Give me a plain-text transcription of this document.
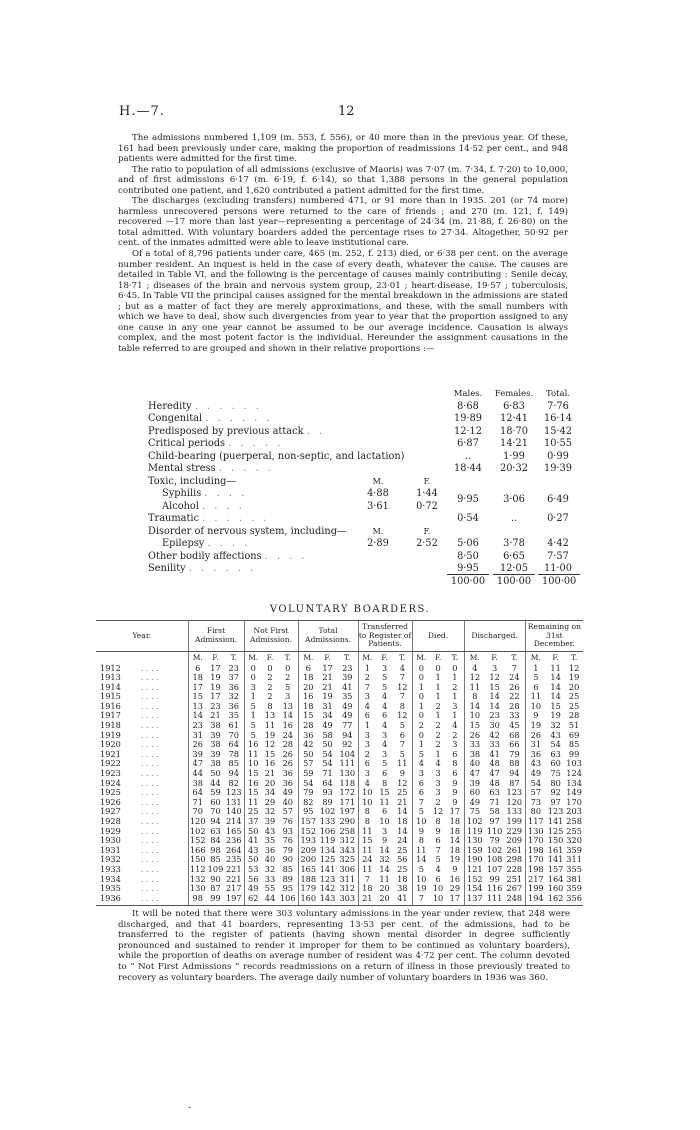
H.—7.	12

The admissions numbered 1,109 (m. 553, f. 556), or 40 more than in the previous year. Of these, 161 had been previously under care, making the proportion of readmissions 14·52 per cent., and 948 patients were admitted for the first time.

The ratio to population of all admissions (exclusive of Maoris) was 7·07 (m. 7·34, f. 7·20) to 10,000, and of first admissions 6·17 (m. 6·19, f. 6·14), so that 1,388 persons in the general population contributed one patient, and 1,620 contributed a patient admitted for the first time.

The discharges (excluding transfers) numbered 471, or 91 more than in 1935. 201 (or 74 more) harmless unrecovered persons were returned to the care of friends ; and 270 (m. 121, f. 149) recovered —17 more than last year—representing a percentage of 24·34 (m. 21·88, f. 26·80) on the total admitted. With voluntary boarders added the percentage rises to 27·34. Altogether, 50·92 per cent. of the inmates admitted were able to leave institutional care.

Of a total of 8,796 patients under care, 465 (m. 252, f. 213) died, or 6·38 per cent. on the average number resident. An inquest is held in the case of every death, whatever the cause. The causes are detailed in Table VI, and the following is the percentage of causes mainly contributing : Senile decay, 18·71 ; diseases of the brain and nervous system group, 23·01 ; heart-disease, 19·57 ; tuberculosis, 6·45. In Table VII the principal causes assigned for the mental breakdown in the admissions are stated ; but as a matter of fact they are merely approximations, and these, with the small numbers with which we have to deal, show such divergencies from year to year that the proportion assigned to any one cause in any one year cannot be assumed to be our average incidence. Causation is always complex, and the most potent factor is the individual. Hereunder the assignment causations in the table referred to are grouped and shown in their relative proportions :—

			Males.	Females.	Total.
Heredity . . . . . .			8·68	6·83	7·76
Congenital . . . . . .			19·89	12·41	16·14
Predisposed by previous attack . .			12·12	18·70	15·42
Critical periods . . . . .			6·87	14·21	10·55
Child-bearing (puerperal, non-septic, and lactation)			..	1·99	0·99
Mental stress . . . . .			18·44	20·32	19·39
Toxic, including—	M.	F.			
Syphilis . . . .	4·88	1·44	9·95	3·06	6·49
Alcohol . . . .	3·61	0·72			
Traumatic . . . . . .			0·54	..	0·27
Disorder of nervous system, including—	M.	F.			
Epilepsy . . . .	2·89	2·52	5·06	3·78	4·42
Other bodily affections . . . .			8·50	6·65	7·57
Senility . . . . . .			9·95	12·05	11·00
			100·00	100·00	100·00
VOLUNTARY BOARDERS.
Year.	First Admission.			Not First Admission.			Total Admissions.			Transferred to Register of Patients.			Died.			Discharged.			Remaining on 31st December.		
	M.	F.	T.	M.	F.	T.	M.	F.	T.	M.	F.	T.	M.	F.	T.	M.	F.	T.	M.	F.	T.
1912 . . . .	6	17	23	0	0	0	6	17	23	1	3	4	0	0	0	4	3	7	1	11	12
1913 . . . .	18	19	37	0	2	2	18	21	39	2	5	7	0	1	1	12	12	24	5	14	19
1914 . . . .	17	19	36	3	2	5	20	21	41	7	5	12	1	1	2	11	15	26	6	14	20
1915 . . . .	15	17	32	1	2	3	16	19	35	3	4	7	0	1	1	8	14	22	11	14	25
1916 . . . .	13	23	36	5	8	13	18	31	49	4	4	8	1	2	3	14	14	28	10	15	25
1917 . . . .	14	21	35	1	13	14	15	34	49	6	6	12	0	1	1	10	23	33	9	19	28
1918 . . . .	23	38	61	5	11	16	28	49	77	1	4	5	2	2	4	15	30	45	19	32	51
1919 . . . .	31	39	70	5	19	24	36	58	94	3	3	6	0	2	2	26	42	68	26	43	69
1920 . . . .	26	38	64	16	12	28	42	50	92	3	4	7	1	2	3	33	33	66	31	54	85
1921 . . . .	39	39	78	11	15	26	50	54	104	2	3	5	5	1	6	38	41	79	36	63	99
1922 . . . .	47	38	85	10	16	26	57	54	111	6	5	11	4	4	8	40	48	88	43	60	103
1923 . . . .	44	50	94	15	21	36	59	71	130	3	6	9	3	3	6	47	47	94	49	75	124
1924 . . . .	38	44	82	16	20	36	54	64	118	4	8	12	6	3	9	39	48	87	54	80	134
1925 . . . .	64	59	123	15	34	49	79	93	172	10	15	25	6	3	9	60	63	123	57	92	149
1926 . . . .	71	60	131	11	29	40	82	89	171	10	11	21	7	2	9	49	71	120	73	97	170
1927 . . . .	70	70	140	25	32	57	95	102	197	8	6	14	5	12	17	75	58	133	80	123	203
1928 . . . .	120	94	214	37	39	76	157	133	290	8	10	18	10	8	18	102	97	199	117	141	258
1929 . . . .	102	63	165	50	43	93	152	106	258	11	3	14	9	9	18	119	110	229	130	125	255
1930 . . . .	152	84	236	41	35	76	193	119	312	15	9	24	8	6	14	130	79	209	170	150	320
1931 . . . .	166	98	264	43	36	79	209	134	343	11	14	25	11	7	18	159	102	261	198	161	359
1932 . . . .	150	85	235	50	40	90	200	125	325	24	32	56	14	5	19	190	108	298	170	141	311
1933 . . . .	112	109	221	53	32	85	165	141	306	11	14	25	5	4	9	121	107	228	198	157	355
1934 . . . .	132	90	221	56	33	89	188	123	311	7	11	18	10	6	16	152	99	251	217	164	381
1935 . . . .	130	87	217	49	55	95	179	142	312	18	20	38	19	10	29	154	116	267	199	160	359
1936 . . . .	98	99	197	62	44	106	160	143	303	21	20	41	7	10	17	137	111	248	194	162	356

It will be noted that there were 303 voluntary admissions in the year under review, that 248 were discharged, and that 41 boarders, representing 13·53 per cent. of the admissions, had to be transferred to the register of patients (having shown mental disorder in degree sufficiently pronounced and sustained to render it improper for them to be continued as voluntary boarders), while the proportion of deaths on average number of resident was 4·72 per cent. The column devoted to “ Not First Admissions ” records readmissions on a return of illness in those previously treated to recovery as voluntary boarders. The average daily number of voluntary boarders in 1936 was 360.

-
